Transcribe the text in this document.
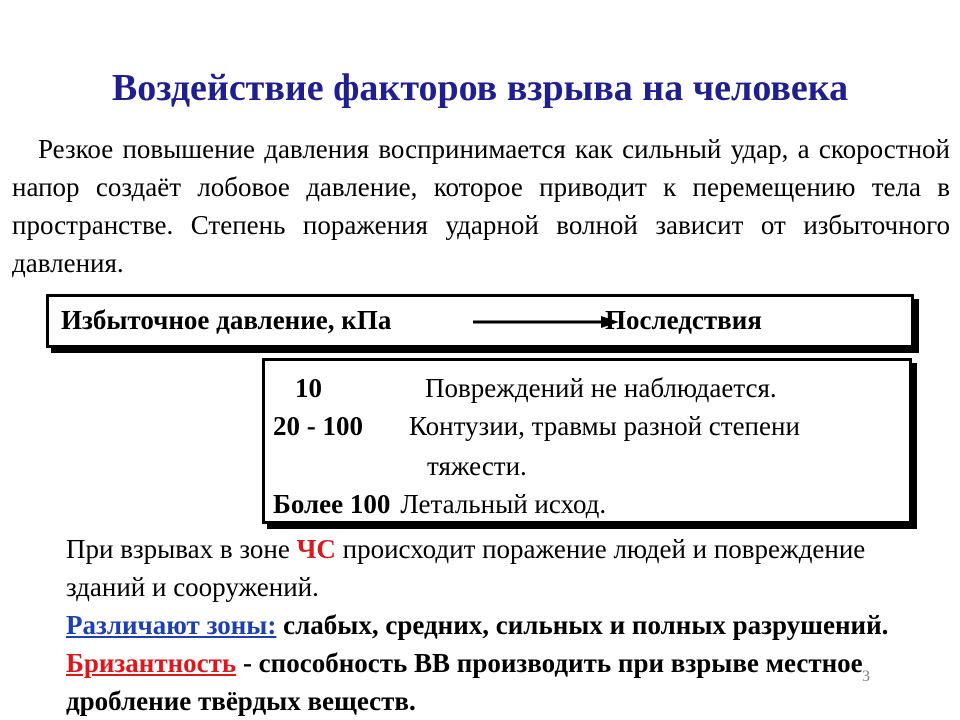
Воздействие факторов взрыва на человека

Резкое повышение давления воспринимается как сильный удар, а скоростной напор создаёт лобовое давление, которое приводит к перемещению тела в пространстве. Степень поражения ударной волной зависит от избыточного давления.

Избыточное давление, кПа	Последствия
10	Повреждений не наблюдается.
20 - 100 Контузии, травмы разной степени
тяжести.
Более 100 Летальный исход.
При взрывах в зоне ЧС происходит поражение людей и повреждение зданий и сооружений.
Различают зоны: слабых, средних, сильных и полных разрушений. Бризантность - способность ВВ производить при взрыве местное дробление твёрдых веществ.
3
